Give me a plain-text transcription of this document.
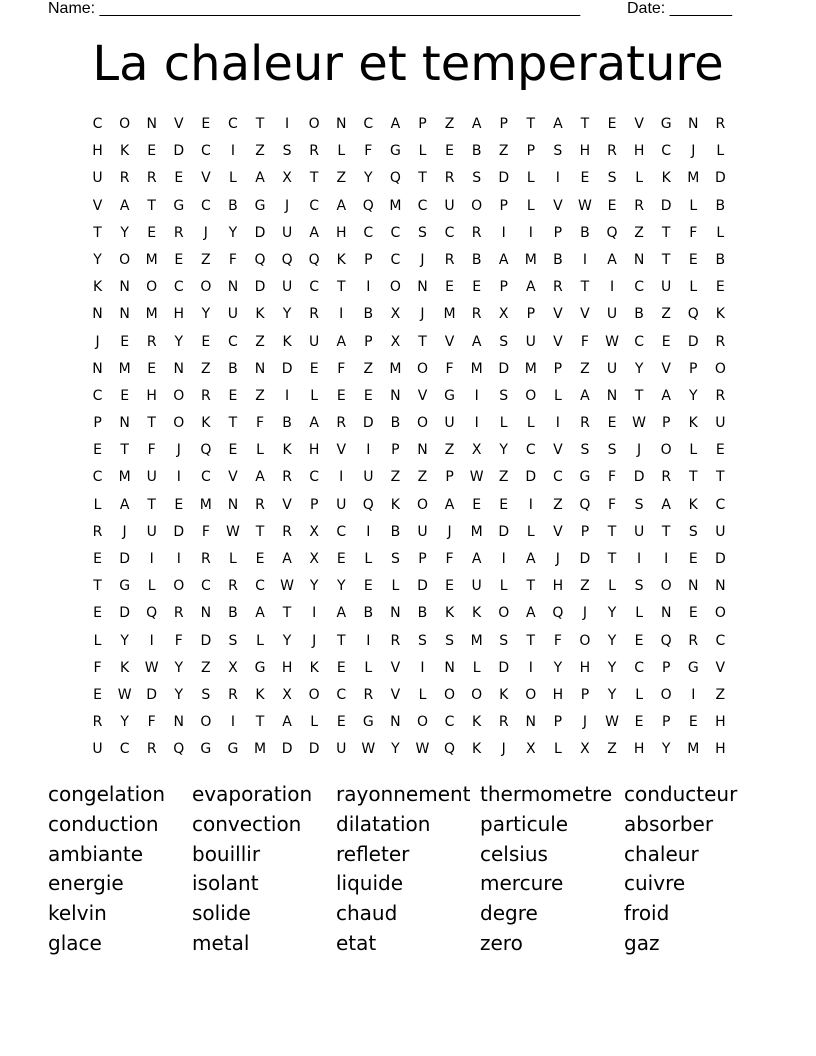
Name: ______________________________________________________	Date: _______
La chaleur et temperature
C	O	N	V	E	C	T	I	O	N	C	A	P	Z	A	P	T	A	T	E	V	G	N	R
H	K	E	D	C	I	Z	S	R	L	F	G	L	E	B	Z	P	S	H	R	H	C	J	L
U	R	R	E	V	L	A	X	T	Z	Y	Q	T	R	S	D	L	I	E	S	L	K	M	D
V	A	T	G	C	B	G	J	C	A	Q	M	C	U	O	P	L	V	W	E	R	D	L	B
T	Y	E	R	J	Y	D	U	A	H	C	C	S	C	R	I	I	P	B	Q	Z	T	F	L
Y	O	M	E	Z	F	Q	Q	Q	K	P	C	J	R	B	A	M	B	I	A	N	T	E	B
K	N	O	C	O	N	D	U	C	T	I	O	N	E	E	P	A	R	T	I	C	U	L	E
N	N	M	H	Y	U	K	Y	R	I	B	X	J	M	R	X	P	V	V	U	B	Z	Q	K
J	E	R	Y	E	C	Z	K	U	A	P	X	T	V	A	S	U	V	F	W	C	E	D	R
N	M	E	N	Z	B	N	D	E	F	Z	M	O	F	M	D	M	P	Z	U	Y	V	P	O
C	E	H	O	R	E	Z	I	L	E	E	N	V	G	I	S	O	L	A	N	T	A	Y	R
P	N	T	O	K	T	F	B	A	R	D	B	O	U	I	L	L	I	R	E	W	P	K	U
E	T	F	J	Q	E	L	K	H	V	I	P	N	Z	X	Y	C	V	S	S	J	O	L	E
C	M	U	I	C	V	A	R	C	I	U	Z	Z	P	W	Z	D	C	G	F	D	R	T	T
L	A	T	E	M	N	R	V	P	U	Q	K	O	A	E	E	I	Z	Q	F	S	A	K	C
R	J	U	D	F	W	T	R	X	C	I	B	U	J	M	D	L	V	P	T	U	T	S	U
E	D	I	I	R	L	E	A	X	E	L	S	P	F	A	I	A	J	D	T	I	I	E	D
T	G	L	O	C	R	C	W	Y	Y	E	L	D	E	U	L	T	H	Z	L	S	O	N	N
E	D	Q	R	N	B	A	T	I	A	B	N	B	K	K	O	A	Q	J	Y	L	N	E	O
L	Y	I	F	D	S	L	Y	J	T	I	R	S	S	M	S	T	F	O	Y	E	Q	R	C
F	K	W	Y	Z	X	G	H	K	E	L	V	I	N	L	D	I	Y	H	Y	C	P	G	V
E	W	D	Y	S	R	K	X	O	C	R	V	L	O	O	K	O	H	P	Y	L	O	I	Z
R	Y	F	N	O	I	T	A	L	E	G	N	O	C	K	R	N	P	J	W	E	P	E	H
U	C	R	Q	G	G	M	D	D	U	W	Y	W	Q	K	J	X	L	X	Z	H	Y	M	H
congelation	evaporation	rayonnement thermometre conducteur
conduction	convection	dilatation	particule	absorber
ambiante	bouillir	refleter	celsius	chaleur
energie	isolant	liquide	mercure	cuivre
kelvin	solide	chaud	degre	froid
glace	metal	etat	zero	gaz
